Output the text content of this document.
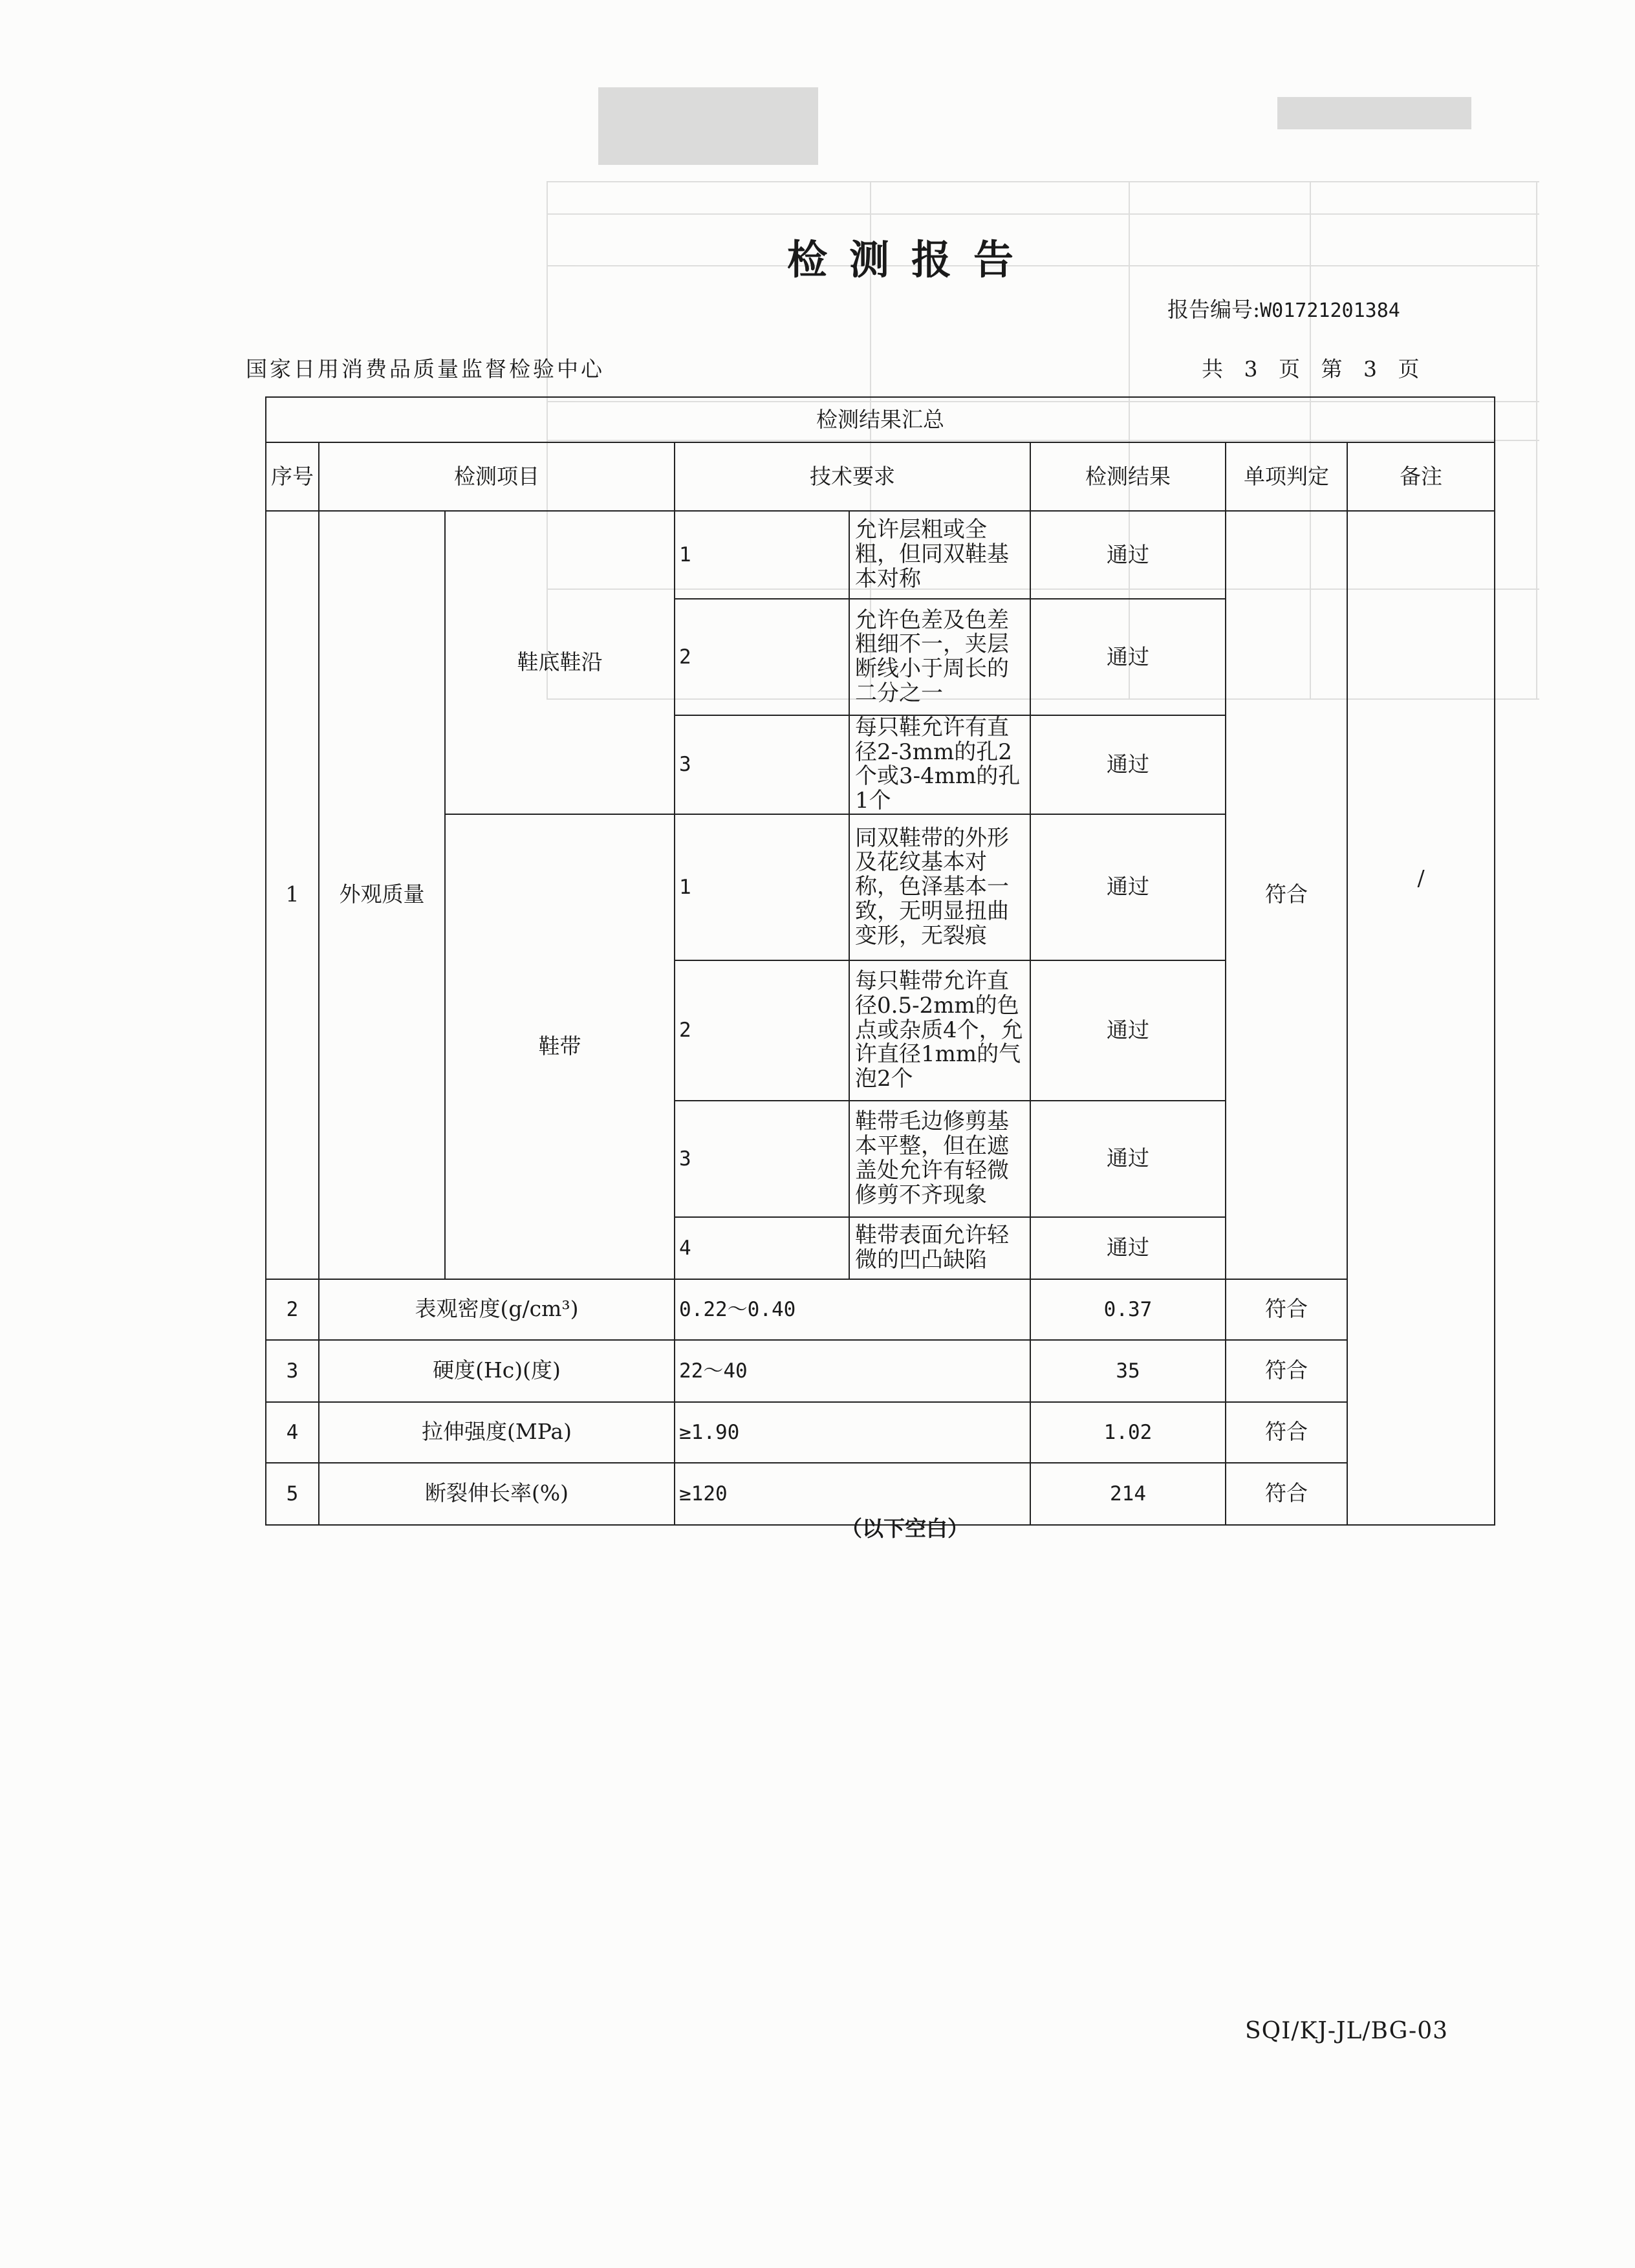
检测报告
报告编号:W01721201384
国家日用消费品质量监督检验中心	共 3 页 第 3 页
检测结果汇总							
序号	检测项目		技术要求		检测结果	单项判定	备注
1	外观质量	鞋底鞋沿	1	允许层粗或全粗，但同双鞋基本对称	通过	符合	/
			2	允许色差及色差粗细不一，夹层断线小于周长的二分之一	通过		
			3	每只鞋允许有直径2-3mm的孔2个或3-4mm的孔1个	通过		
		鞋带	1	同双鞋带的外形及花纹基本对称，色泽基本一致，无明显扭曲变形，无裂痕	通过		
			2	每只鞋带允许直径0.5-2mm的色点或杂质4个，允许直径1mm的气泡2个	通过		
			3	鞋带毛边修剪基本平整，但在遮盖处允许有轻微修剪不齐现象	通过		
			4	鞋带表面允许轻微的凹凸缺陷	通过		
2	表观密度(g/cm³)		0.22～0.40		0.37	符合	
3	硬度(Hc)(度)		22～40		35	符合	
4	拉伸强度(MPa)		≥1.90		1.02	符合	
5	断裂伸长率(%)		≥120		214	符合	
（以下空白）
SQI/KJ-JL/BG-03
